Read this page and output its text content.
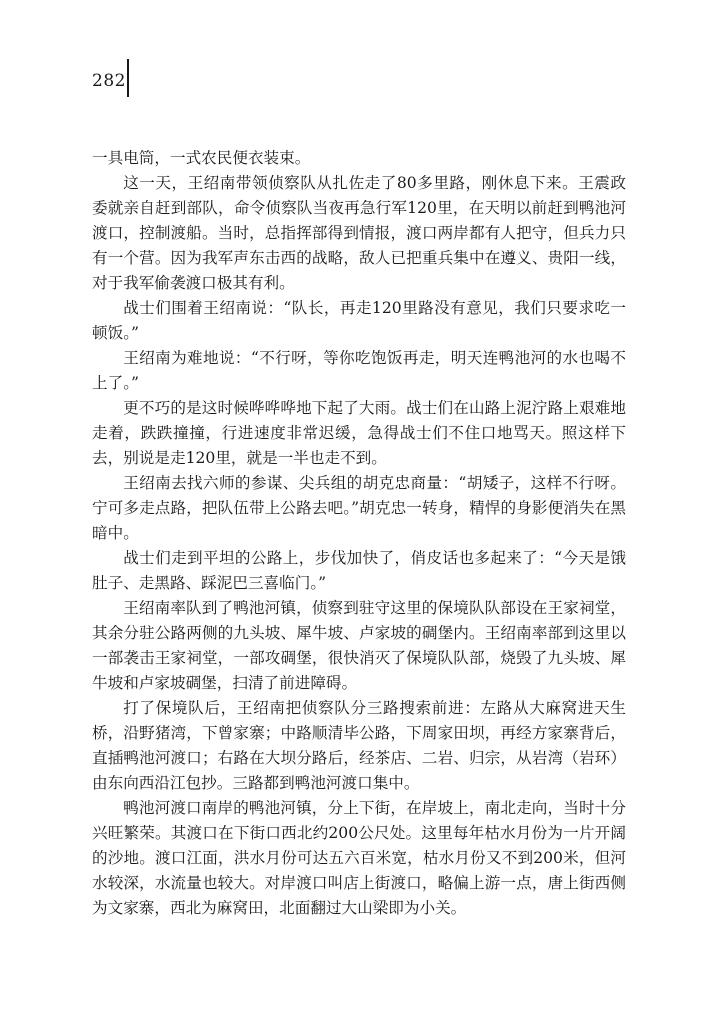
282

一具电筒，一式农民便衣装束。

这一天，王绍南带领侦察队从扎佐走了80多里路，刚休息下来。王震政委就亲自赶到部队，命令侦察队当夜再急行军120里，在天明以前赶到鸭池河渡口，控制渡船。当时，总指挥部得到情报，渡口两岸都有人把守，但兵力只有一个营。因为我军声东击西的战略，敌人已把重兵集中在遵义、贵阳一线，对于我军偷袭渡口极其有利。

战士们围着王绍南说：“队长，再走120里路没有意见，我们只要求吃一顿饭。”

王绍南为难地说：“不行呀，等你吃饱饭再走，明天连鸭池河的水也喝不上了。”

更不巧的是这时候哗哗哗地下起了大雨。战士们在山路上泥泞路上艰难地走着，跌跌撞撞，行进速度非常迟缓，急得战士们不住口地骂天。照这样下去，别说是走120里，就是一半也走不到。

王绍南去找六师的参谋、尖兵组的胡克忠商量：“胡矮子，这样不行呀。宁可多走点路，把队伍带上公路去吧。”胡克忠一转身，精悍的身影便消失在黑暗中。

战士们走到平坦的公路上，步伐加快了，俏皮话也多起来了：“今天是饿肚子、走黑路、踩泥巴三喜临门。”

王绍南率队到了鸭池河镇，侦察到驻守这里的保境队队部设在王家祠堂，其余分驻公路两侧的九头坡、犀牛坡、卢家坡的碉堡内。王绍南率部到这里以一部袭击王家祠堂，一部攻碉堡，很快消灭了保境队队部，烧毁了九头坡、犀牛坡和卢家坡碉堡，扫清了前进障碍。

打了保境队后，王绍南把侦察队分三路搜索前进：左路从大麻窝进天生桥，沿野猪湾，下曾家寨；中路顺清毕公路，下周家田坝，再经方家寨背后，直插鸭池河渡口；右路在大坝分路后，经茶店、二岩、归宗，从岩湾（岩环）由东向西沿江包抄。三路都到鸭池河渡口集中。

鸭池河渡口南岸的鸭池河镇，分上下街，在岸坡上，南北走向，当时十分兴旺繁荣。其渡口在下街口西北约200公尺处。这里每年枯水月份为一片开阔的沙地。渡口江面，洪水月份可达五六百米宽，枯水月份又不到200米，但河水较深，水流量也较大。对岸渡口叫店上街渡口，略偏上游一点，唐上街西侧为文家寨，西北为麻窝田，北面翻过大山梁即为小关。
